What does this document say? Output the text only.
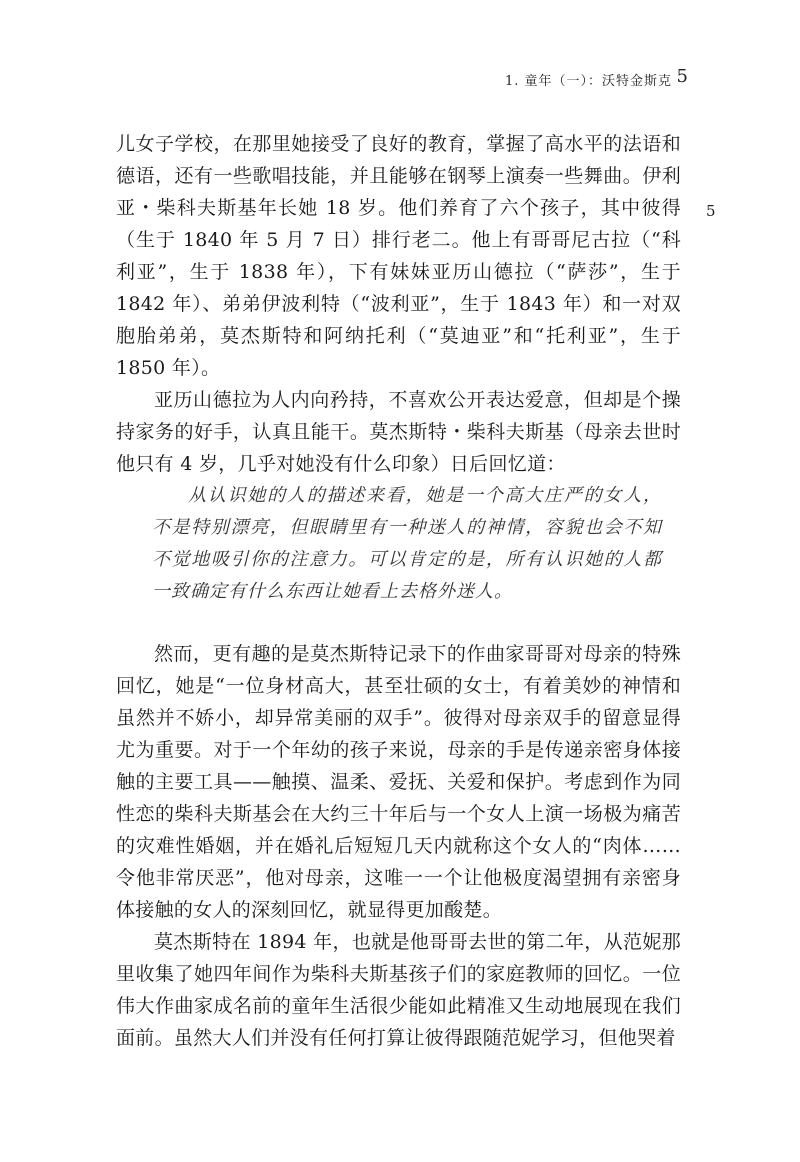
1. 童年（一）：沃特金斯克 5
5

儿女子学校，在那里她接受了良好的教育，掌握了高水平的法语和德语，还有一些歌唱技能，并且能够在钢琴上演奏一些舞曲。伊利亚・柴科夫斯基年长她 18 岁。他们养育了六个孩子，其中彼得（生于 1840 年 5 月 7 日）排行老二。他上有哥哥尼古拉（“科利亚”，生于 1838 年），下有妹妹亚历山德拉（“萨莎”，生于 1842 年）、弟弟伊波利特（“波利亚”，生于 1843 年）和一对双胞胎弟弟，莫杰斯特和阿纳托利（“莫迪亚”和“托利亚”，生于 1850 年）。

亚历山德拉为人内向矜持，不喜欢公开表达爱意，但却是个操持家务的好手，认真且能干。莫杰斯特・柴科夫斯基（母亲去世时他只有 4 岁，几乎对她没有什么印象）日后回忆道：

从认识她的人的描述来看，她是一个高大庄严的女人，不是特别漂亮，但眼睛里有一种迷人的神情，容貌也会不知不觉地吸引你的注意力。可以肯定的是，所有认识她的人都一致确定有什么东西让她看上去格外迷人。

然而，更有趣的是莫杰斯特记录下的作曲家哥哥对母亲的特殊回忆，她是“一位身材高大，甚至壮硕的女士，有着美妙的神情和虽然并不娇小，却异常美丽的双手”。彼得对母亲双手的留意显得尤为重要。对于一个年幼的孩子来说，母亲的手是传递亲密身体接触的主要工具——触摸、温柔、爱抚、关爱和保护。考虑到作为同性恋的柴科夫斯基会在大约三十年后与一个女人上演一场极为痛苦的灾难性婚姻，并在婚礼后短短几天内就称这个女人的“肉体……令他非常厌恶”，他对母亲，这唯一一个让他极度渴望拥有亲密身体接触的女人的深刻回忆，就显得更加酸楚。

莫杰斯特在 1894 年，也就是他哥哥去世的第二年，从范妮那里收集了她四年间作为柴科夫斯基孩子们的家庭教师的回忆。一位伟大作曲家成名前的童年生活很少能如此精准又生动地展现在我们面前。虽然大人们并没有任何打算让彼得跟随范妮学习，但他哭着
